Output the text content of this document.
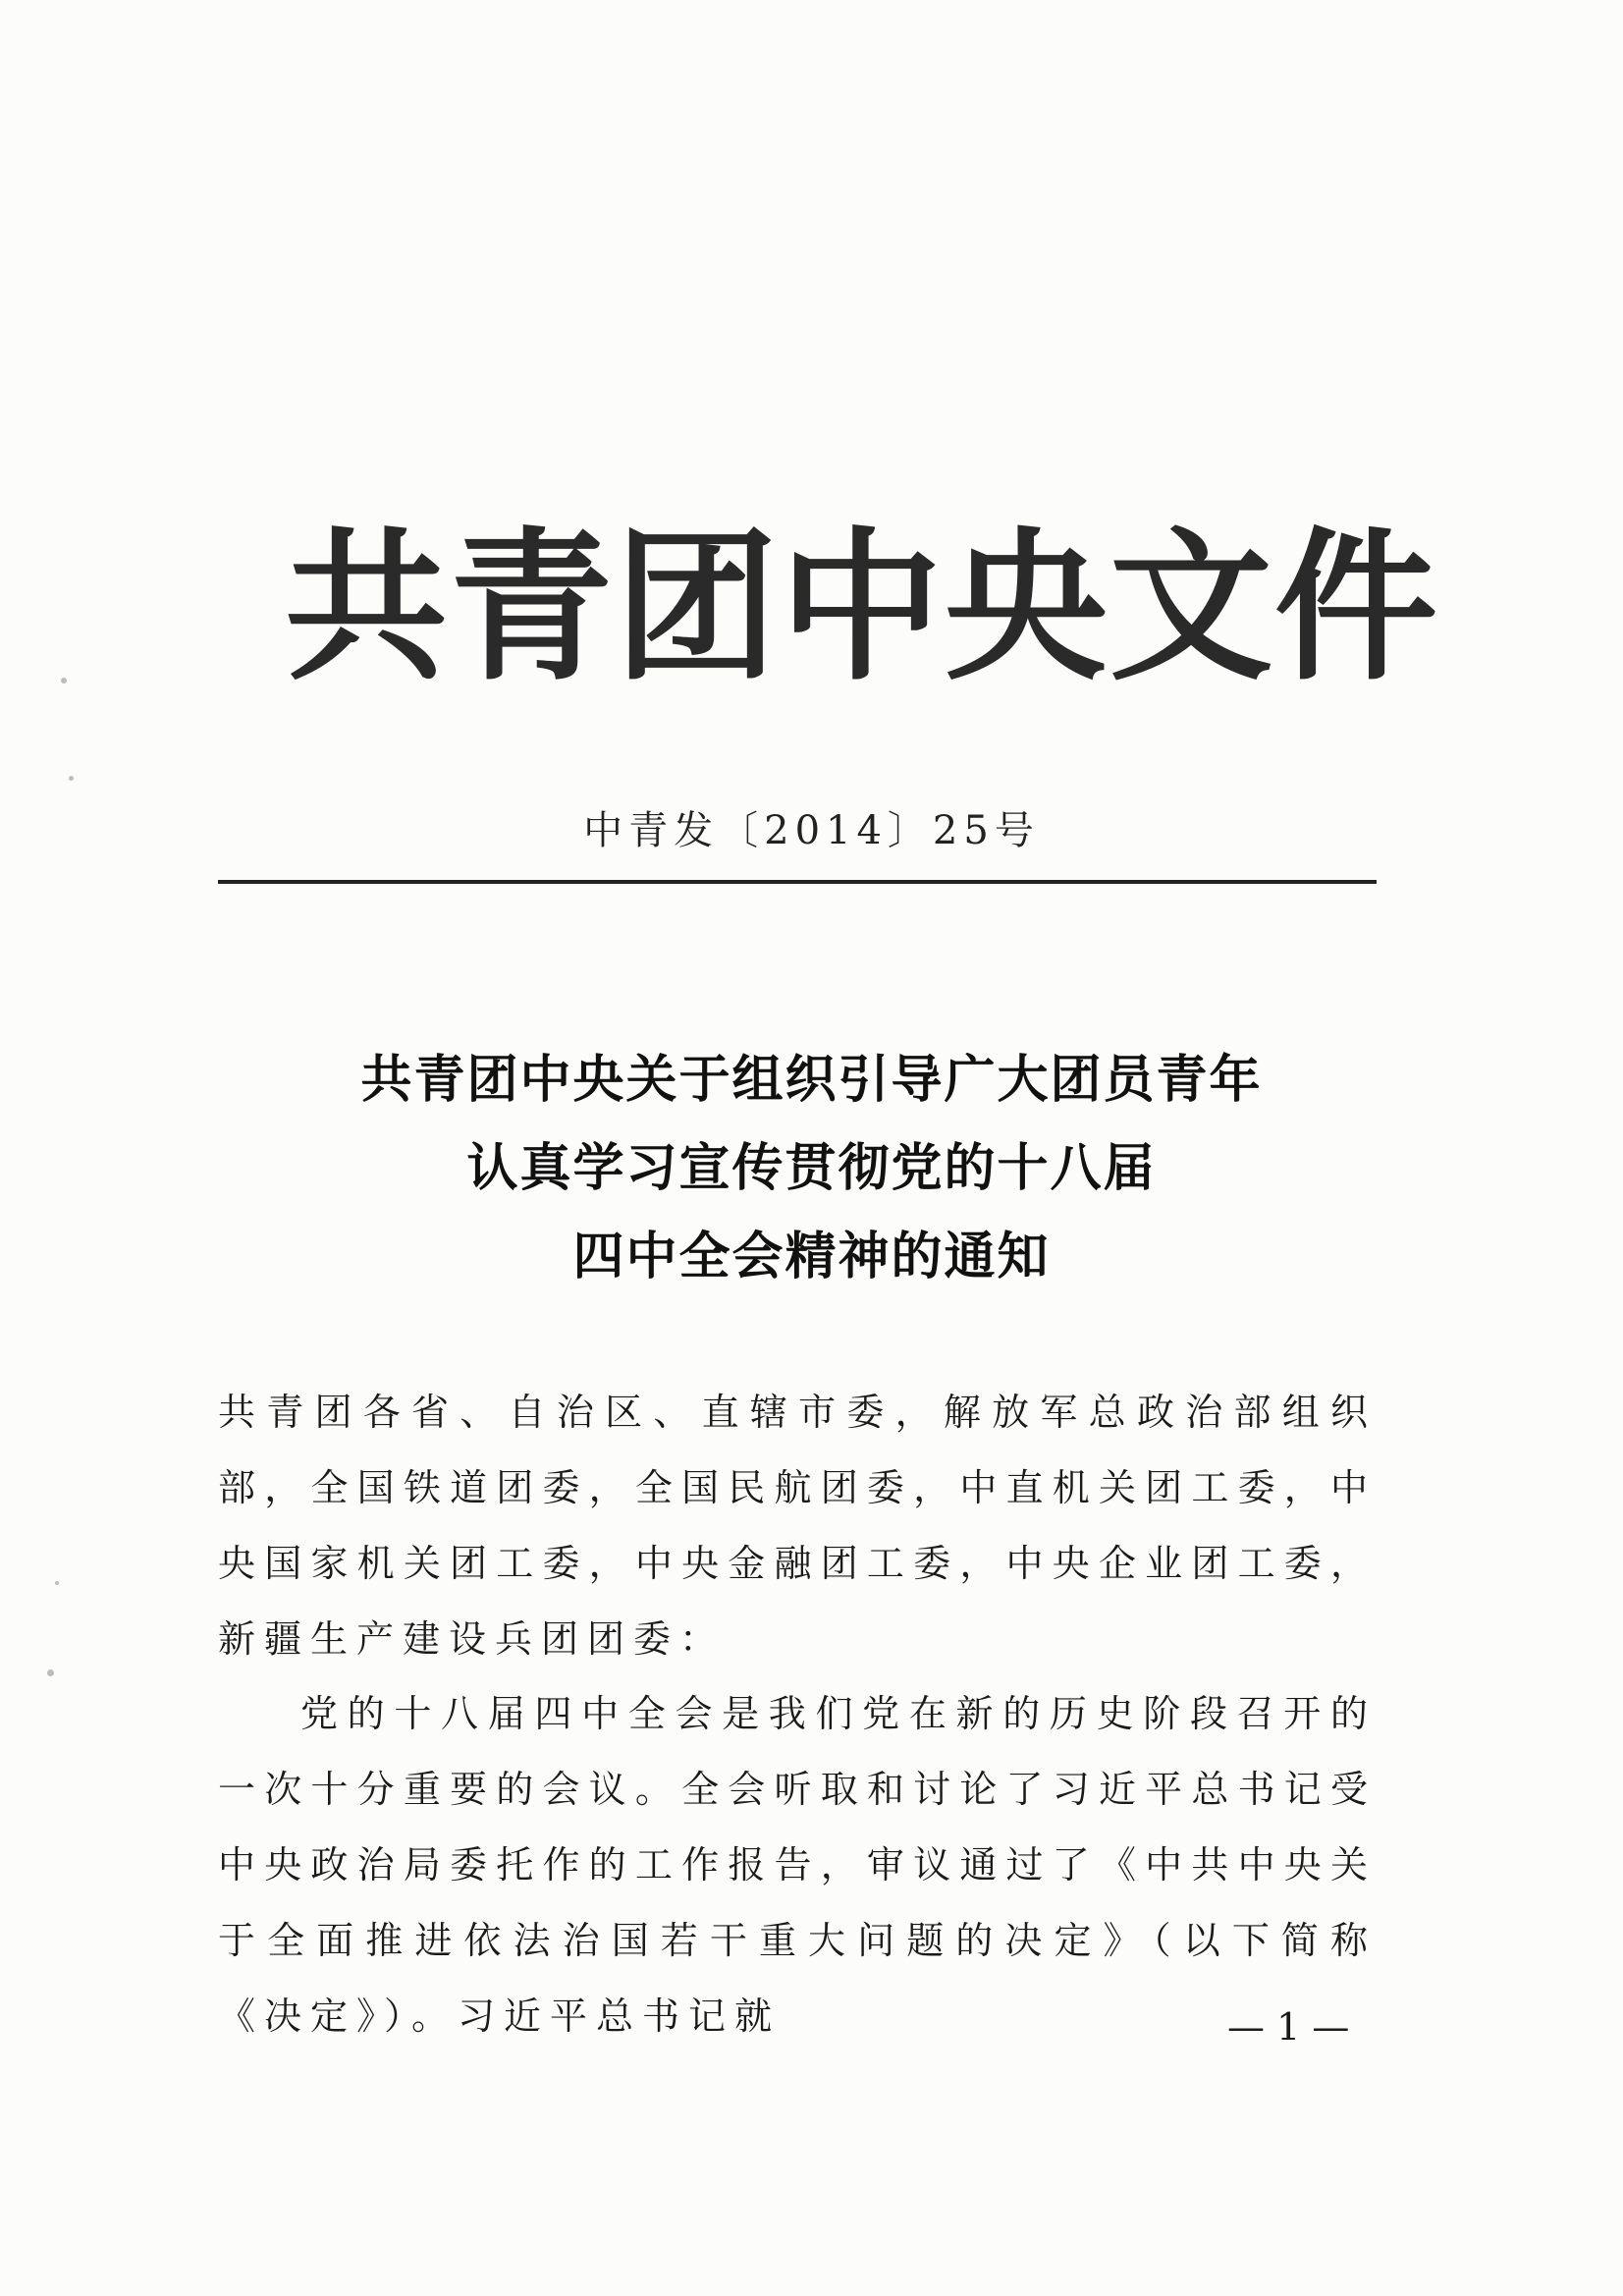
共青团中央文件
中青发〔2014〕25号
共青团中央关于组织引导广大团员青年
认真学习宣传贯彻党的十八届
四中全会精神的通知
共青团各省、自治区、直辖市委，解放军总政治部组织部，全国铁道团委，全国民航团委，中直机关团工委，中央国家机关团工委，中央金融团工委，中央企业团工委，新疆生产建设兵团团委：
党的十八届四中全会是我们党在新的历史阶段召开的一次十分重要的会议。全会听取和讨论了习近平总书记受中央政治局委托作的工作报告，审议通过了《中共中央关于全面推进依法治国若干重大问题的决定》（以下简称《决定》）。习近平总书记就	— 1 —
